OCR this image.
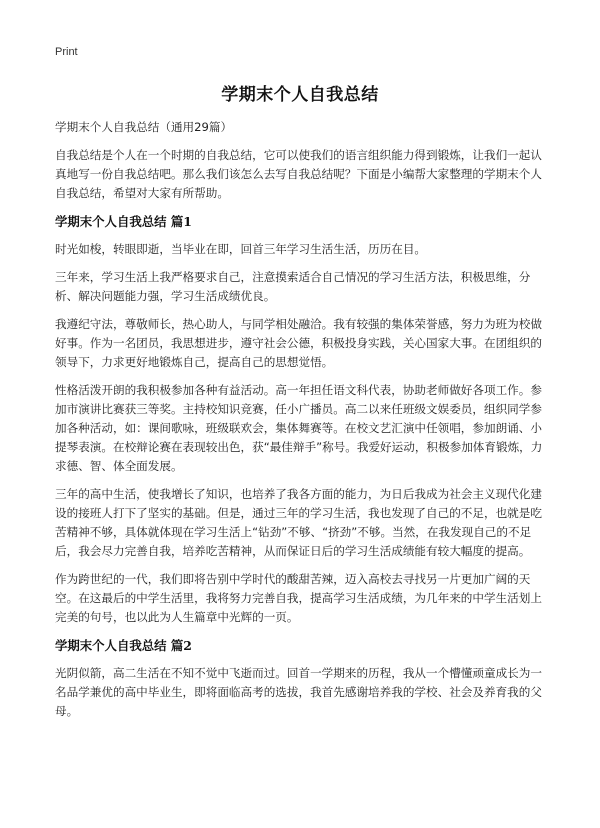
Print
学期末个人自我总结

学期末个人自我总结（通用29篇）

自我总结是个人在一个时期的自我总结，它可以使我们的语言组织能力得到锻炼，让我们一起认真地写一份自我总结吧。那么我们该怎么去写自我总结呢？下面是小编帮大家整理的学期末个人自我总结，希望对大家有所帮助。

学期末个人自我总结 篇1

时光如梭，转眼即逝，当毕业在即，回首三年学习生活生活，历历在目。

三年来，学习生活上我严格要求自己，注意摸索适合自己情况的学习生活方法，积极思维，分析、解决问题能力强，学习生活成绩优良。

我遵纪守法，尊敬师长，热心助人，与同学相处融洽。我有较强的集体荣誉感，努力为班为校做好事。作为一名团员，我思想进步，遵守社会公德，积极投身实践，关心国家大事。在团组织的领导下，力求更好地锻炼自己，提高自己的思想觉悟。

性格活泼开朗的我积极参加各种有益活动。高一年担任语文科代表，协助老师做好各项工作。参加市演讲比赛获三等奖。主持校知识竞赛，任小广播员。高二以来任班级文娱委员，组织同学参加各种活动，如：课间歌咏，班级联欢会，集体舞赛等。在校文艺汇演中任领唱，参加朗诵、小提琴表演。在校辩论赛在表现较出色，获“最佳辩手”称号。我爱好运动，积极参加体育锻炼，力求德、智、体全面发展。

三年的高中生活，使我增长了知识，也培养了我各方面的能力，为日后我成为社会主义现代化建设的接班人打下了坚实的基础。但是，通过三年的学习生活，我也发现了自己的不足，也就是吃苦精神不够，具体就体现在学习生活上“钻劲”不够、“挤劲”不够。当然，在我发现自己的不足后，我会尽力完善自我，培养吃苦精神，从而保证日后的学习生活成绩能有较大幅度的提高。

作为跨世纪的一代，我们即将告别中学时代的酸甜苦辣，迈入高校去寻找另一片更加广阔的天空。在这最后的中学生活里，我将努力完善自我，提高学习生活成绩，为几年来的中学生活划上完美的句号，也以此为人生篇章中光辉的一页。

学期末个人自我总结 篇2

光阴似箭，高二生活在不知不觉中飞逝而过。回首一学期来的历程，我从一个懵懂顽童成长为一名品学兼优的高中毕业生，即将面临高考的选拔，我首先感谢培养我的学校、社会及养育我的父母。
